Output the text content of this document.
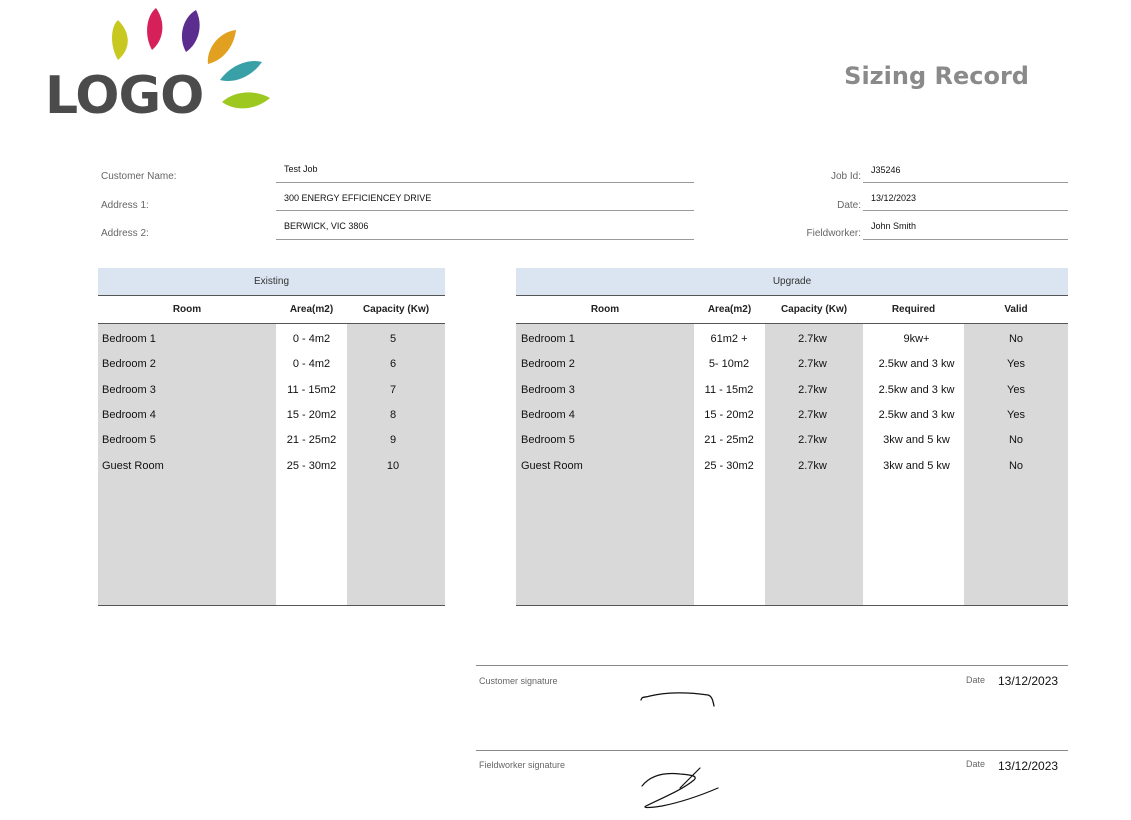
LOGO	Sizing Record
Customer Name:
Test Job
Address 1:
300 ENERGY EFFICIENCEY DRIVE
Address 2:
BERWICK, VIC 3806
Job Id:
J35246
Date:
13/12/2023
Fieldworker:
John Smith
Existing
Room	Area(m2)	Capacity (Kw)
Bedroom 1	0 - 4m2	5
Bedroom 2	0 - 4m2	6
Bedroom 3	11 - 15m2	7
Bedroom 4	15 - 20m2	8
Bedroom 5	21 - 25m2	9
Guest Room	25 - 30m2	10
Upgrade
Room	Area(m2)	Capacity (Kw)	Required	Valid
Bedroom 1	61m2 +	2.7kw	9kw+	No
Bedroom 2	5- 10m2	2.7kw	2.5kw and 3 kw	Yes
Bedroom 3	11 - 15m2	2.7kw	2.5kw and 3 kw	Yes
Bedroom 4	15 - 20m2	2.7kw	2.5kw and 3 kw	Yes
Bedroom 5	21 - 25m2	2.7kw	3kw and 5 kw	No
Guest Room	25 - 30m2	2.7kw	3kw and 5 kw	No
Customer signature	Date 13/12/2023
Fieldworker signature	Date 13/12/2023
